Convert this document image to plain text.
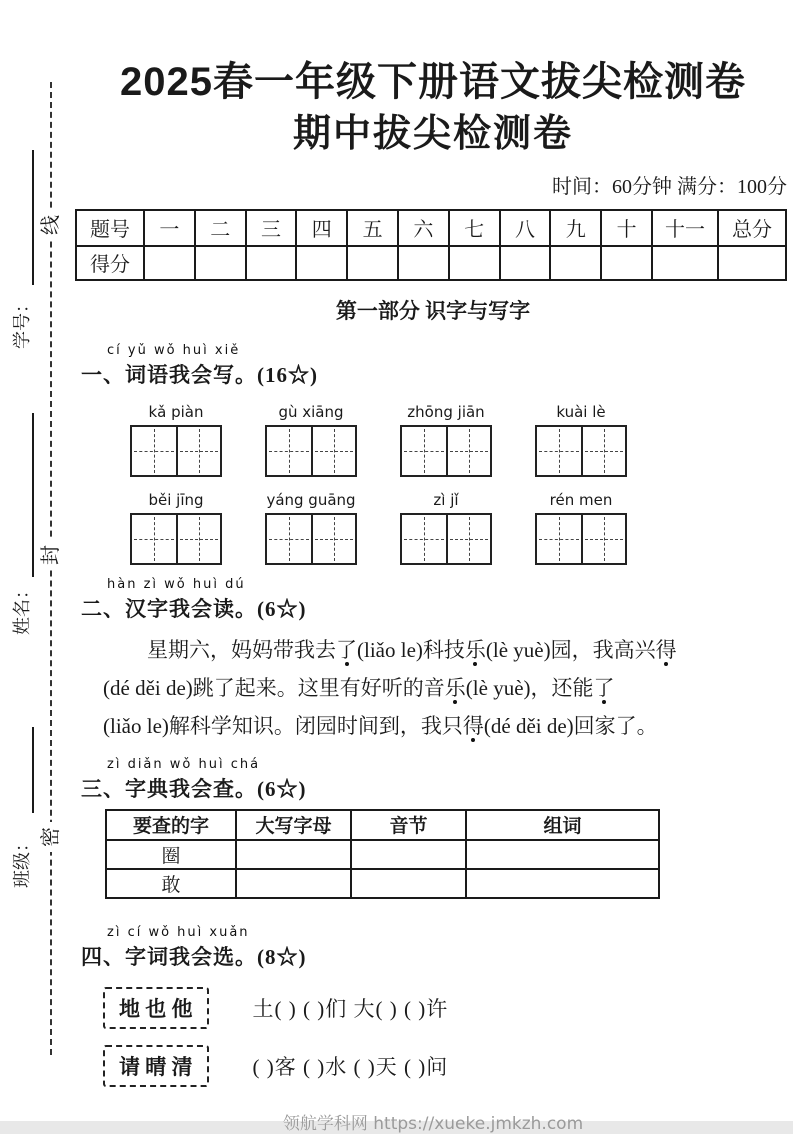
线
封
密
学号：
姓名：
班级：
2025春一年级下册语文拔尖检测卷
期中拔尖检测卷
时间：60分钟 满分：100分
题号	一	二	三	四	五	六	七	八	九	十	十一	总分
得分												
第一部分 识字与写字
cí yǔ wǒ huì xiě
一、词语我会写。(16☆)
kǎ piàn	gù xiāng	zhōng jiān	kuài lè
běi jīng	yáng guāng	zì jǐ	rén men
hàn zì wǒ huì dú
二、汉字我会读。(6☆)
星期六，妈妈带我去了(liǎo le)科技乐(lè yuè)园，我高兴得
(dé děi de)跳了起来。这里有好听的音乐(lè yuè)，还能了
(liǎo le)解科学知识。闭园时间到，我只得(dé děi de)回家了。
zì diǎn wǒ huì chá
三、字典我会查。(6☆)
要查的字	大写字母	音节	组词
圈			
敢			
zì cí wǒ huì xuǎn
四、字词我会选。(8☆)
地 也 他	土( ) ( )们 大( ) ( )许
请 晴 清	( )客 ( )水 ( )天 ( )问
领航学科网 https://xueke.jmkzh.com
